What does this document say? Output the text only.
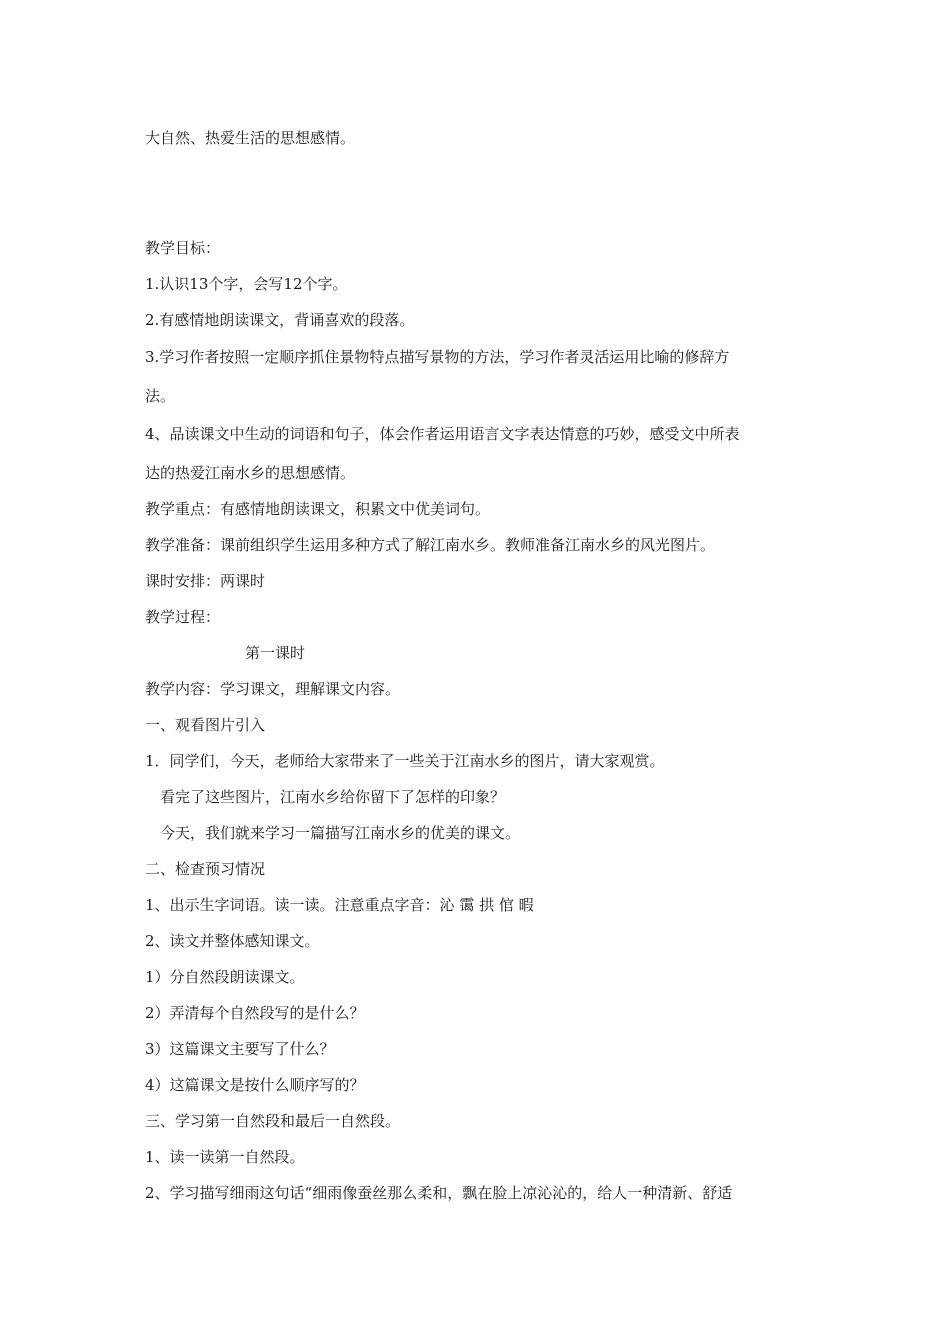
大自然、热爱生活的思想感情。
教学目标：
1.认识13个字，会写12个字。
2.有感情地朗读课文，背诵喜欢的段落。
3.学习作者按照一定顺序抓住景物特点描写景物的方法，学习作者灵活运用比喻的修辞方
法。
4、品读课文中生动的词语和句子，体会作者运用语言文字表达情意的巧妙，感受文中所表
达的热爱江南水乡的思想感情。
教学重点：有感情地朗读课文，积累文中优美词句。
教学准备：课前组织学生运用多种方式了解江南水乡。教师准备江南水乡的风光图片。
课时安排：两课时
教学过程：
第一课时
教学内容：学习课文，理解课文内容。
一、观看图片引入
1．同学们，今天，老师给大家带来了一些关于江南水乡的图片，请大家观赏。
看完了这些图片，江南水乡给你留下了怎样的印象？
今天，我们就来学习一篇描写江南水乡的优美的课文。
二、检查预习情况
1、出示生字词语。读一读。注意重点字音：沁 霭 拱 倌 暇
2、读文并整体感知课文。
1）分自然段朗读课文。
2）弄清每个自然段写的是什么？
3）这篇课文主要写了什么？
4）这篇课文是按什么顺序写的？
三、学习第一自然段和最后一自然段。
1、读一读第一自然段。
2、学习描写细雨这句话“细雨像蚕丝那么柔和，飘在脸上凉沁沁的，给人一种清新、舒适
